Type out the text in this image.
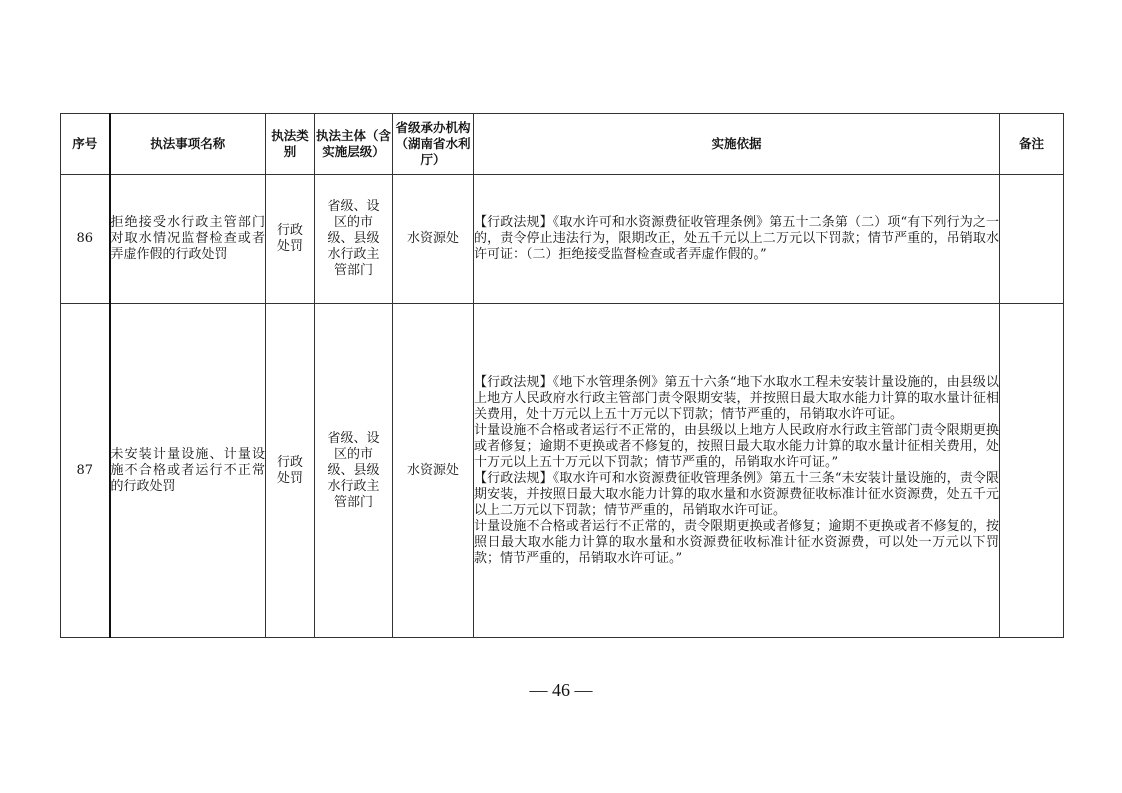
序号	执法事项名称	执法类别	执法主体（含实施层级）	省级承办机构（湖南省水利厅）	实施依据	备注
86	拒绝接受水行政主管部门对取水情况监督检查或者弄虚作假的行政处罚	行政处罚	省级、设区的市级、县级水行政主管部门	水资源处	【行政法规】《取水许可和水资源费征收管理条例》第五十二条第（二）项“有下列行为之一的，责令停止违法行为，限期改正，处五千元以上二万元以下罚款；情节严重的，吊销取水许可证：（二）拒绝接受监督检查或者弄虚作假的。”	

87	未安装计量设施、计量设施不合格或者运行不正常的行政处罚	行政处罚	省级、设区的市级、县级水行政主管部门	水资源处	【行政法规】《地下水管理条例》第五十六条“地下水取水工程未安装计量设施的，由县级以上地方人民政府水行政主管部门责令限期安装，并按照日最大取水能力计算的取水量计征相关费用，处十万元以上五十万元以下罚款；情节严重的，吊销取水许可证。
计量设施不合格或者运行不正常的，由县级以上地方人民政府水行政主管部门责令限期更换或者修复；逾期不更换或者不修复的，按照日最大取水能力计算的取水量计征相关费用，处十万元以上五十万元以下罚款；情节严重的，吊销取水许可证。”
【行政法规】《取水许可和水资源费征收管理条例》第五十三条“未安装计量设施的，责令限期安装，并按照日最大取水能力计算的取水量和水资源费征收标准计征水资源费，处五千元以上二万元以下罚款；情节严重的，吊销取水许可证。
计量设施不合格或者运行不正常的，责令限期更换或者修复；逾期不更换或者不修复的，按照日最大取水能力计算的取水量和水资源费征收标准计征水资源费，可以处一万元以下罚款；情节严重的，吊销取水许可证。”	

— 46 —
